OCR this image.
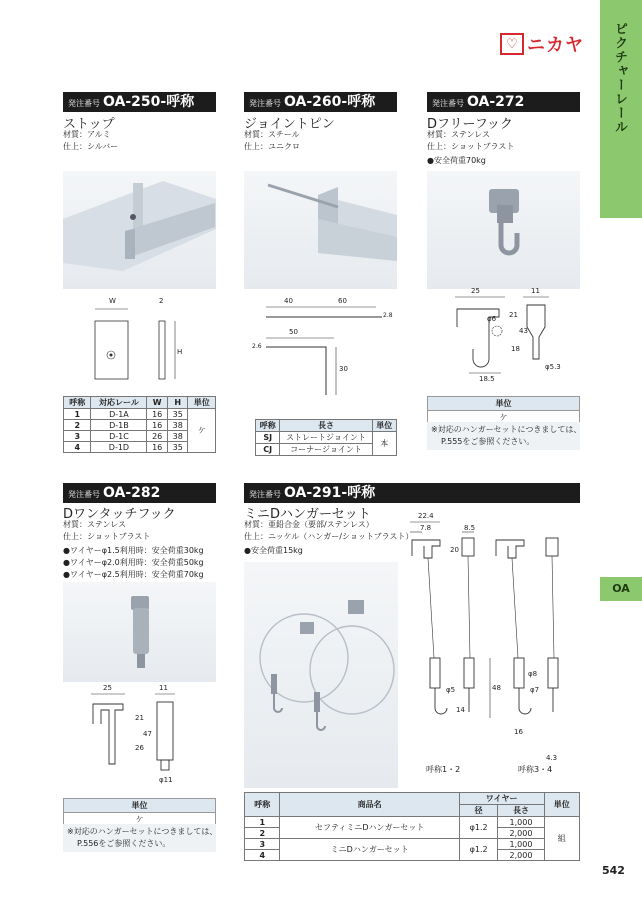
ピクチャーレール
OA
542
♡ ニカヤ
発注番号 OA-250-呼称
ストップ
材質：アルミ
仕上：シルバー
W	2
H
呼称	対応レール	W	H	単位
1	D-1A	16	35	ケ
2	D-1B	16	38	
3	D-1C	26	38	
4	D-1D	16	35	
発注番号 OA-260-呼称
ジョイントピン
材質：スチール
仕上：ユニクロ
40	60
2.8
50
2.6
30
呼称	長さ	単位
SJ	ストレートジョイント	本
CJ	コーナージョイント	
発注番号 OA-272
Dフリーフック
材質：ステンレス
仕上：ショットブラスト
●安全荷重70kg
25	11
21
43
φ6
18
18.5
φ5.3
単位
ケ
※対応のハンガーセットにつきましては、
P.555をご参照ください。
発注番号 OA-282
Dワンタッチフック
材質：ステンレス
仕上：ショットブラスト
●ワイヤーφ1.5利用時：安全荷重30kg
●ワイヤーφ2.0利用時：安全荷重50kg
●ワイヤーφ2.5利用時：安全荷重70kg
25	11
21
26
47
φ11
単位
ケ
※対応のハンガーセットにつきましては、
P.556をご参照ください。
発注番号 OA-291-呼称
ミニDハンガーセット
材質：亜鉛合金（要部/ステンレス）
仕上：ニッケル（ハンガー/ショットブラスト）
●安全荷重15kg
22.4
7.8	8.5
20
φ8
φ5	φ7
48
14
16
4.3
呼称1・2	呼称3・4
呼称	商品名	ワイヤー		単位
		径	長さ	
1	セフティミニDハンガーセット	φ1.2	1,000	組
2			2,000	
3	ミニDハンガーセット	φ1.2	1,000	
4			2,000	
